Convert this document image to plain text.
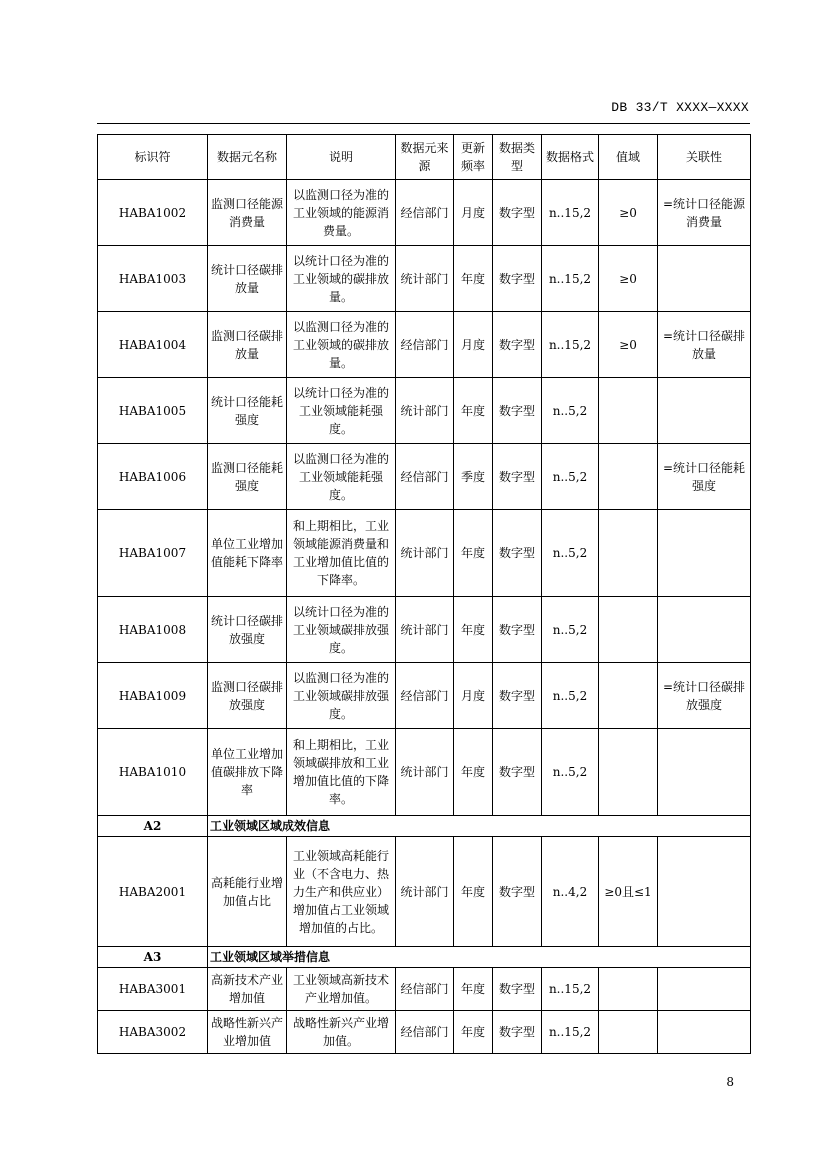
DB 33/T XXXX—XXXX
标识符	数据元名称	说明	数据元来源	更新频率	数据类型	数据格式	值域	关联性
HABA1002	监测口径能源消费量	以监测口径为准的工业领域的能源消费量。	经信部门	月度	数字型	n..15,2	≥0	=统计口径能源消费量
HABA1003	统计口径碳排放量	以统计口径为准的工业领域的碳排放量。	统计部门	年度	数字型	n..15,2	≥0	
HABA1004	监测口径碳排放量	以监测口径为准的工业领域的碳排放量。	经信部门	月度	数字型	n..15,2	≥0	=统计口径碳排放量
HABA1005	统计口径能耗强度	以统计口径为准的工业领域能耗强度。	统计部门	年度	数字型	n..5,2		
HABA1006	监测口径能耗强度	以监测口径为准的工业领域能耗强度。	经信部门	季度	数字型	n..5,2		=统计口径能耗强度
HABA1007	单位工业增加值能耗下降率	和上期相比，工业领域能源消费量和工业增加值比值的下降率。	统计部门	年度	数字型	n..5,2		
HABA1008	统计口径碳排放强度	以统计口径为准的工业领域碳排放强度。	统计部门	年度	数字型	n..5,2		
HABA1009	监测口径碳排放强度	以监测口径为准的工业领域碳排放强度。	经信部门	月度	数字型	n..5,2		=统计口径碳排放强度
HABA1010	单位工业增加值碳排放下降率	和上期相比，工业领域碳排放和工业增加值比值的下降率。	统计部门	年度	数字型	n..5,2		
A2	工业领域区域成效信息							
HABA2001	高耗能行业增加值占比	工业领域高耗能行业（不含电力、热力生产和供应业）增加值占工业领域增加值的占比。	统计部门	年度	数字型	n..4,2	≥0且≤1	
A3	工业领域区域举措信息							
HABA3001	高新技术产业增加值	工业领域高新技术产业增加值。	经信部门	年度	数字型	n..15,2		
HABA3002	战略性新兴产业增加值	战略性新兴产业增加值。	经信部门	年度	数字型	n..15,2		
8
